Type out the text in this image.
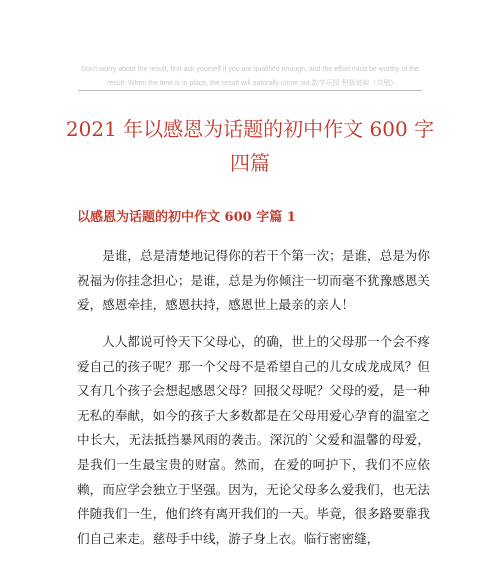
Don't worry about the result, first ask yourself if you are qualified enough, and the effort must be worthy of the
result. When the time is in place, the result will naturally come out.数学乐园 积极进取（共勉)
2021 年以感恩为话题的初中作文 600 字四篇
以感恩为话题的初中作文 600 字篇 1

是谁，总是清楚地记得你的若干个第一次；是谁，总是为你祝福为你挂念担心；是谁，总是为你倾注一切而毫不犹豫感恩关爱，感恩牵挂，感恩扶持，感恩世上最亲的亲人！

人人都说可怜天下父母心，的确，世上的父母那一个会不疼爱自己的孩子呢？那一个父母不是希望自己的儿女成龙成凤？但又有几个孩子会想起感恩父母？回报父母呢？父母的爱，是一种无私的奉献，如今的孩子大多数都是在父母用爱心孕育的温室之中长大，无法抵挡暴风雨的袭击。深沉的`父爱和温馨的母爱，是我们一生最宝贵的财富。然而，在爱的呵护下，我们不应依赖，而应学会独立于坚强。因为，无论父母多么爱我们，也无法伴随我们一生，他们终有离开我们的一天。毕竟，很多路要靠我们自己来走。慈母手中线，游子身上衣。临行密密缝，
